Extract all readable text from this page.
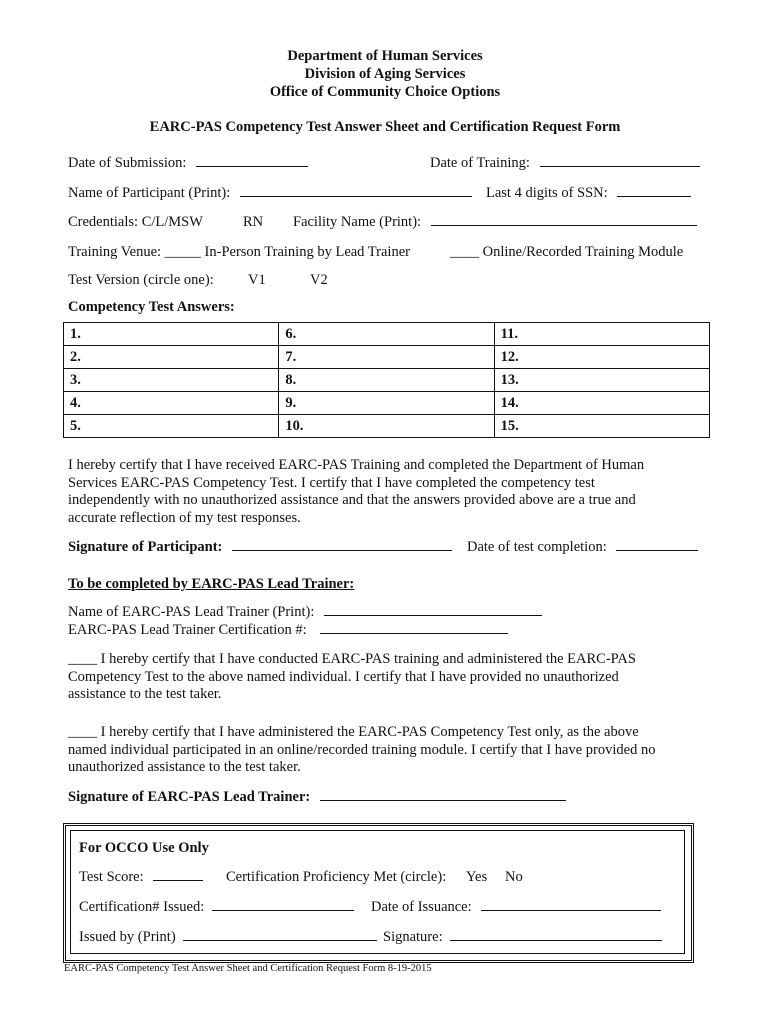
Department of Human Services
Division of Aging Services
Office of Community Choice Options
EARC-PAS Competency Test Answer Sheet and Certification Request Form
Date of Submission:	Date of Training:
Name of Participant (Print):	Last 4 digits of SSN:
Credentials: C/L/MSW	RN Facility Name (Print):
Training Venue: _____ In-Person Training by Lead Trainer	____ Online/Recorded Training Module
Test Version (circle one): V1	V2
Competency Test Answers:
1.	6.	11.
2.	7.	12.
3.	8.	13.
4.	9.	14.
5.	10.	15.
I hereby certify that I have received EARC-PAS Training and completed the Department of Human
Services EARC-PAS Competency Test. I certify that I have completed the competency test
independently with no unauthorized assistance and that the answers provided above are a true and
accurate reflection of my test responses.
Signature of Participant:	Date of test completion:
To be completed by EARC-PAS Lead Trainer:
Name of EARC-PAS Lead Trainer (Print):
EARC-PAS Lead Trainer Certification #:
____ I hereby certify that I have conducted EARC-PAS training and administered the EARC-PAS
Competency Test to the above named individual. I certify that I have provided no unauthorized
assistance to the test taker.
____ I hereby certify that I have administered the EARC-PAS Competency Test only, as the above
named individual participated in an online/recorded training module. I certify that I have provided no
unauthorized assistance to the test taker.
Signature of EARC-PAS Lead Trainer:
For OCCO Use Only
Test Score:	Certification Proficiency Met (circle): Yes No
Certification# Issued:	Date of Issuance:
Issued by (Print)	Signature:
EARC-PAS Competency Test Answer Sheet and Certification Request Form 8-19-2015
